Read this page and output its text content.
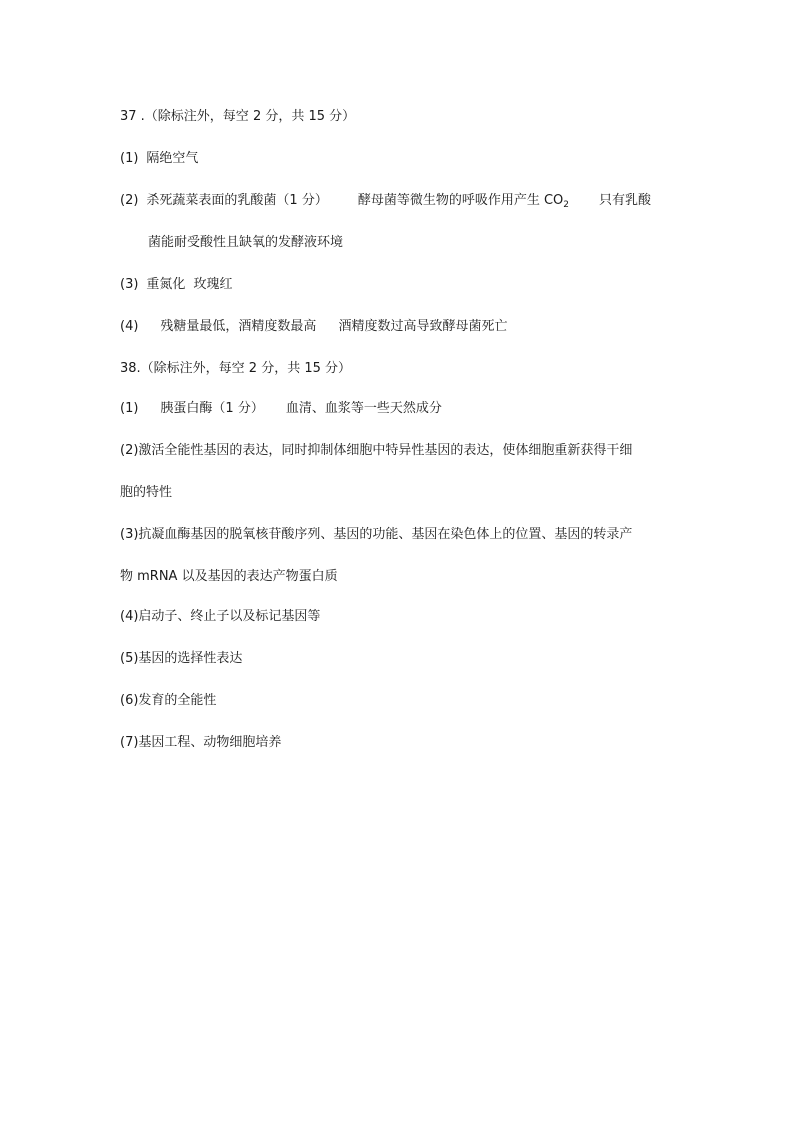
37 .（除标注外，每空 2 分，共 15 分）
(1) 隔绝空气
(2) 杀死蔬菜表面的乳酸菌（1 分） 酵母菌等微生物的呼吸作用产生 $CO_2$ 只有乳酸
菌能耐受酸性且缺氧的发酵液环境
(3) 重氮化 玫瑰红
(4) 残糖量最低，酒精度数最高 酒精度数过高导致酵母菌死亡
38.（除标注外，每空 2 分，共 15 分）
(1) 胰蛋白酶（1 分） 血清、血浆等一些天然成分
(2)激活全能性基因的表达，同时抑制体细胞中特异性基因的表达，使体细胞重新获得干细
胞的特性
(3)抗凝血酶基因的脱氧核苷酸序列、基因的功能、基因在染色体上的位置、基因的转录产
物 mRNA 以及基因的表达产物蛋白质
(4)启动子、终止子以及标记基因等
(5)基因的选择性表达
(6)发育的全能性
(7)基因工程、动物细胞培养
